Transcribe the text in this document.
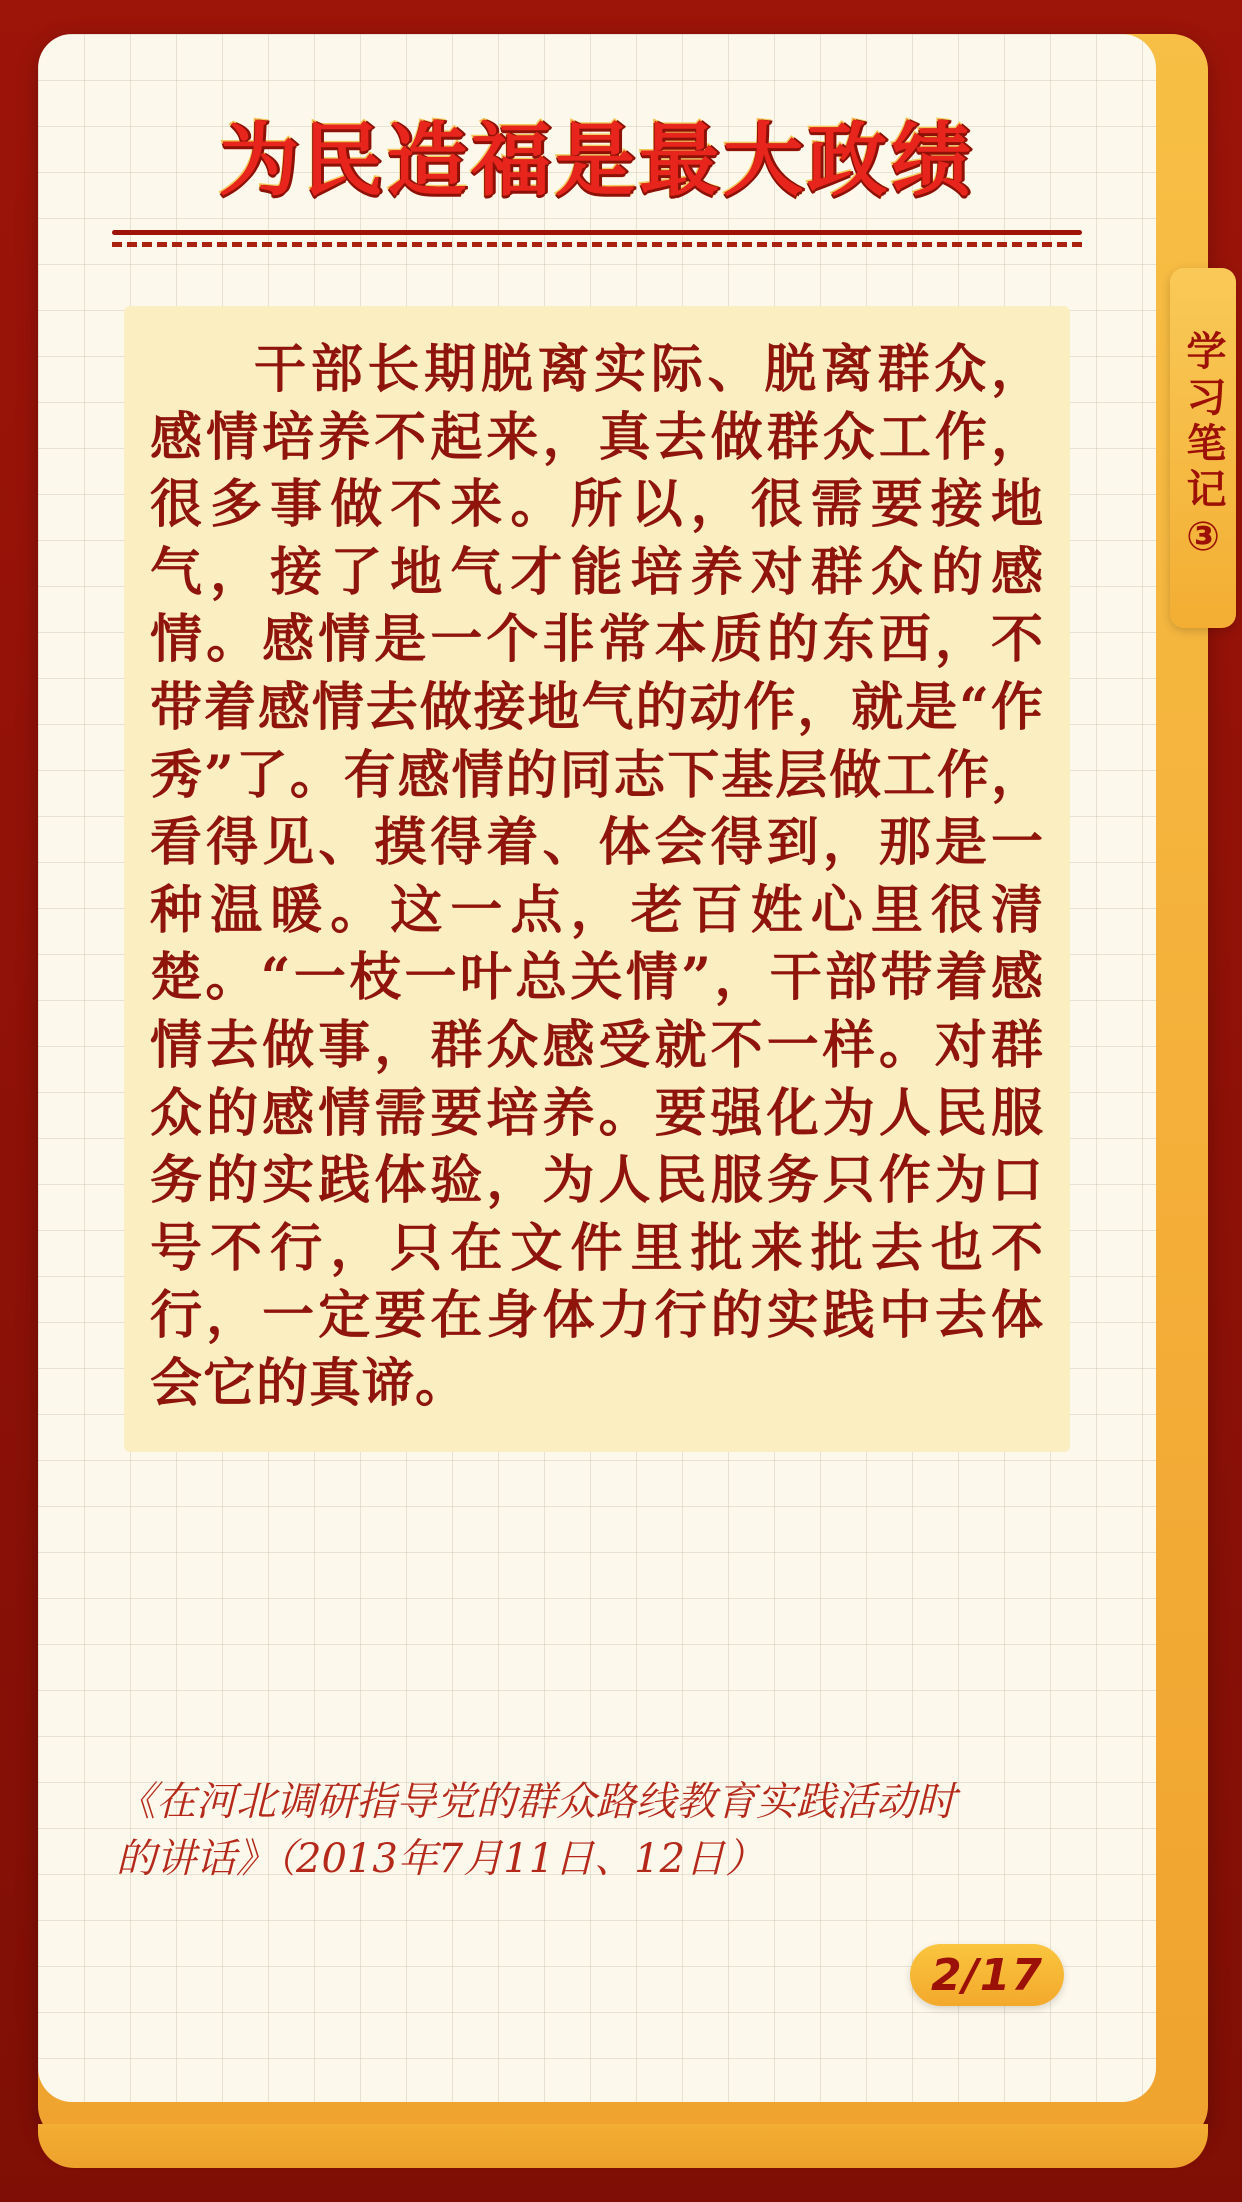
为民造福是最大政绩

干部长期脱离实际、脱离群众，感情培养不起来，真去做群众工作，很多事做不来。所以，很需要接地气，接了地气才能培养对群众的感情。感情是一个非常本质的东西，不带着感情去做接地气的动作，就是“作秀”了。有感情的同志下基层做工作，看得见、摸得着、体会得到，那是一种温暖。这一点，老百姓心里很清楚。“一枝一叶总关情”，干部带着感情去做事，群众感受就不一样。对群众的感情需要培养。要强化为人民服务的实践体验，为人民服务只作为口号不行，只在文件里批来批去也不行，一定要在身体力行的实践中去体会它的真谛。

《在河北调研指导党的群众路线教育实践活动时
的讲话》（2013年7月11日、12日）
2/17
学习笔记③
